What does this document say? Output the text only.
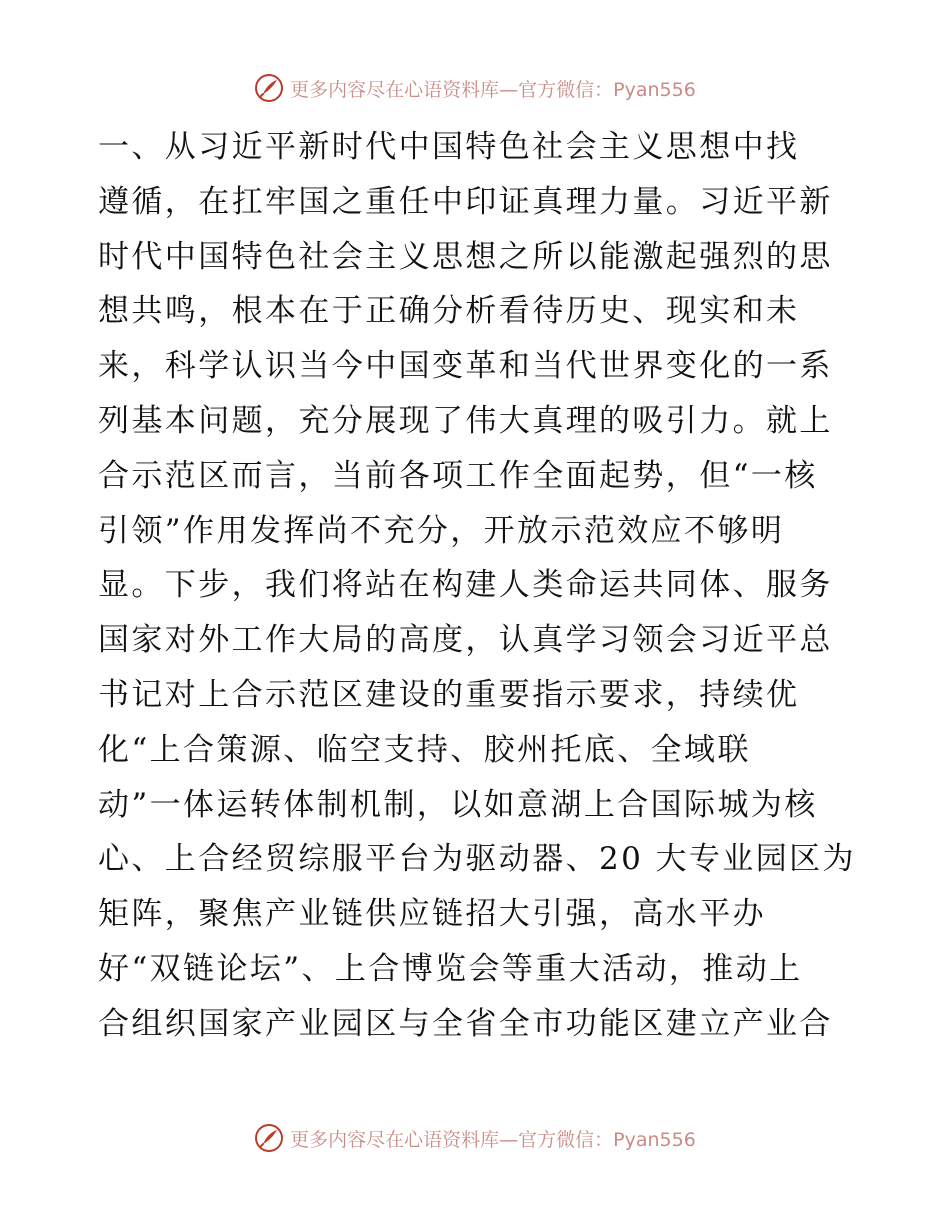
更多内容尽在心语资料库—官方微信：Pyan556
一、从习近平新时代中国特色社会主义思想中找
遵循，在扛牢国之重任中印证真理力量。习近平新
时代中国特色社会主义思想之所以能激起强烈的思
想共鸣，根本在于正确分析看待历史、现实和未
来，科学认识当今中国变革和当代世界变化的一系
列基本问题，充分展现了伟大真理的吸引力。就上
合示范区而言，当前各项工作全面起势，但“一核
引领”作用发挥尚不充分，开放示范效应不够明
显。下步，我们将站在构建人类命运共同体、服务
国家对外工作大局的高度，认真学习领会习近平总
书记对上合示范区建设的重要指示要求，持续优
化“上合策源、临空支持、胶州托底、全域联
动”一体运转体制机制，以如意湖上合国际城为核
心、上合经贸综服平台为驱动器、20 大专业园区为
矩阵，聚焦产业链供应链招大引强，高水平办
好“双链论坛”、上合博览会等重大活动，推动上
合组织国家产业园区与全省全市功能区建立产业合
更多内容尽在心语资料库—官方微信：Pyan556
